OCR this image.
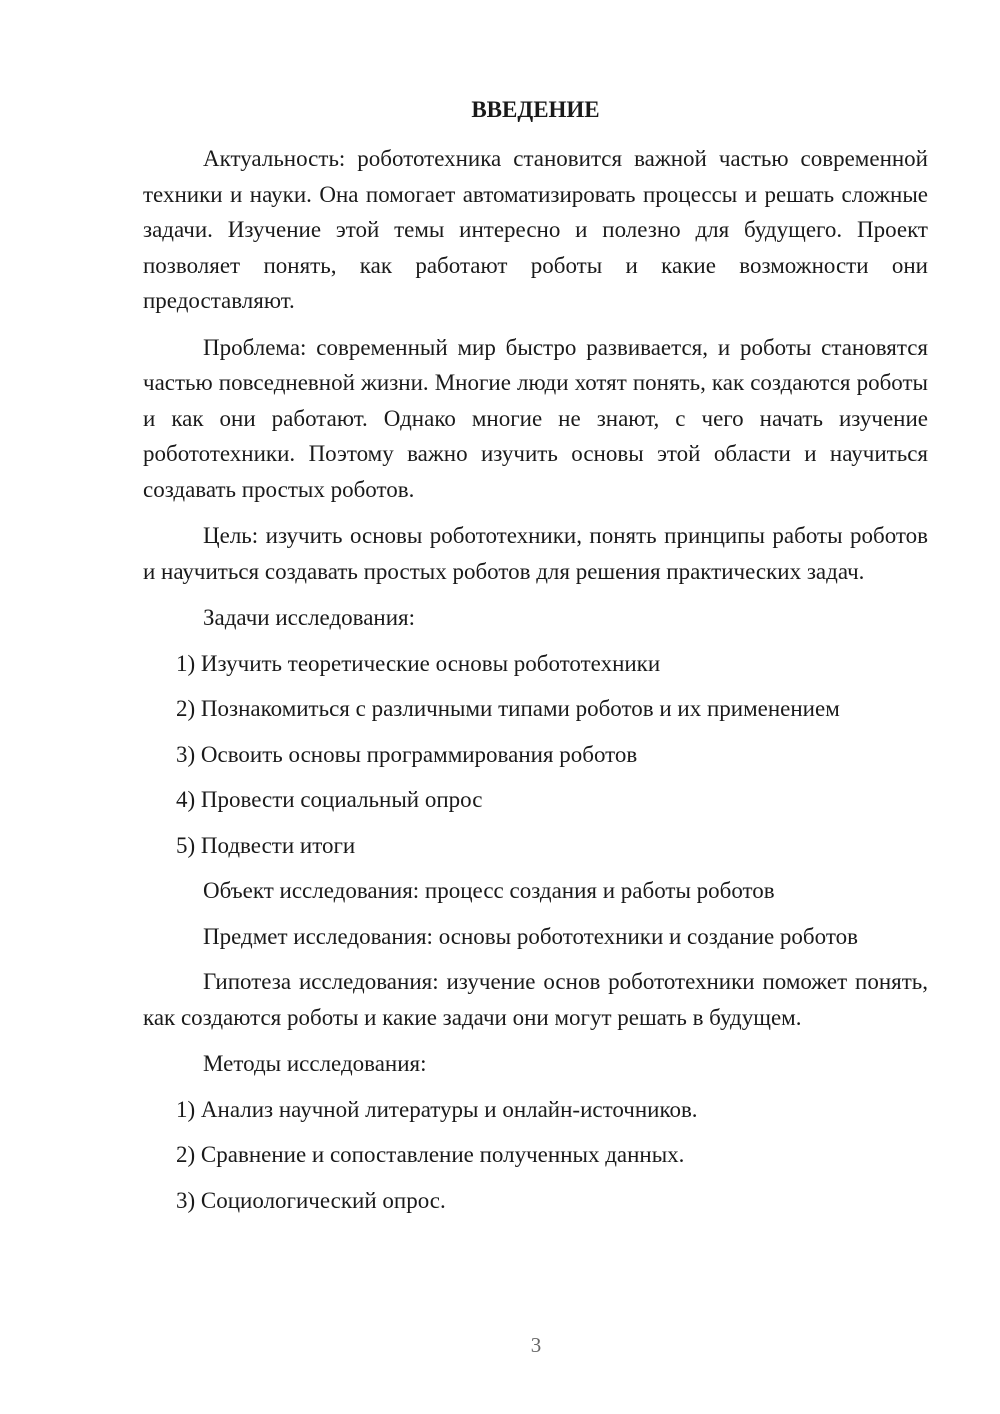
ВВЕДЕНИЕ

Актуальность: робототехника становится важной частью современной техники и науки. Она помогает автоматизировать процессы и решать сложные задачи. Изучение этой темы интересно и полезно для будущего. Проект позволяет понять, как работают роботы и какие возможности они предоставляют.

Проблема: современный мир быстро развивается, и роботы становятся частью повседневной жизни. Многие люди хотят понять, как создаются роботы и как они работают. Однако многие не знают, с чего начать изучение робототехники. Поэтому важно изучить основы этой области и научиться создавать простых роботов.

Цель: изучить основы робототехники, понять принципы работы роботов и научиться создавать простых роботов для решения практических задач.

Задачи исследования:

1) Изучить теоретические основы робототехники

2) Познакомиться с различными типами роботов и их применением

3) Освоить основы программирования роботов

4) Провести социальный опрос

5) Подвести итоги

Объект исследования: процесс создания и работы роботов

Предмет исследования: основы робототехники и создание роботов

Гипотеза исследования: изучение основ робототехники поможет понять, как создаются роботы и какие задачи они могут решать в будущем.

Методы исследования:

1) Анализ научной литературы и онлайн-источников.

2) Сравнение и сопоставление полученных данных.

3) Социологический опрос.

3
